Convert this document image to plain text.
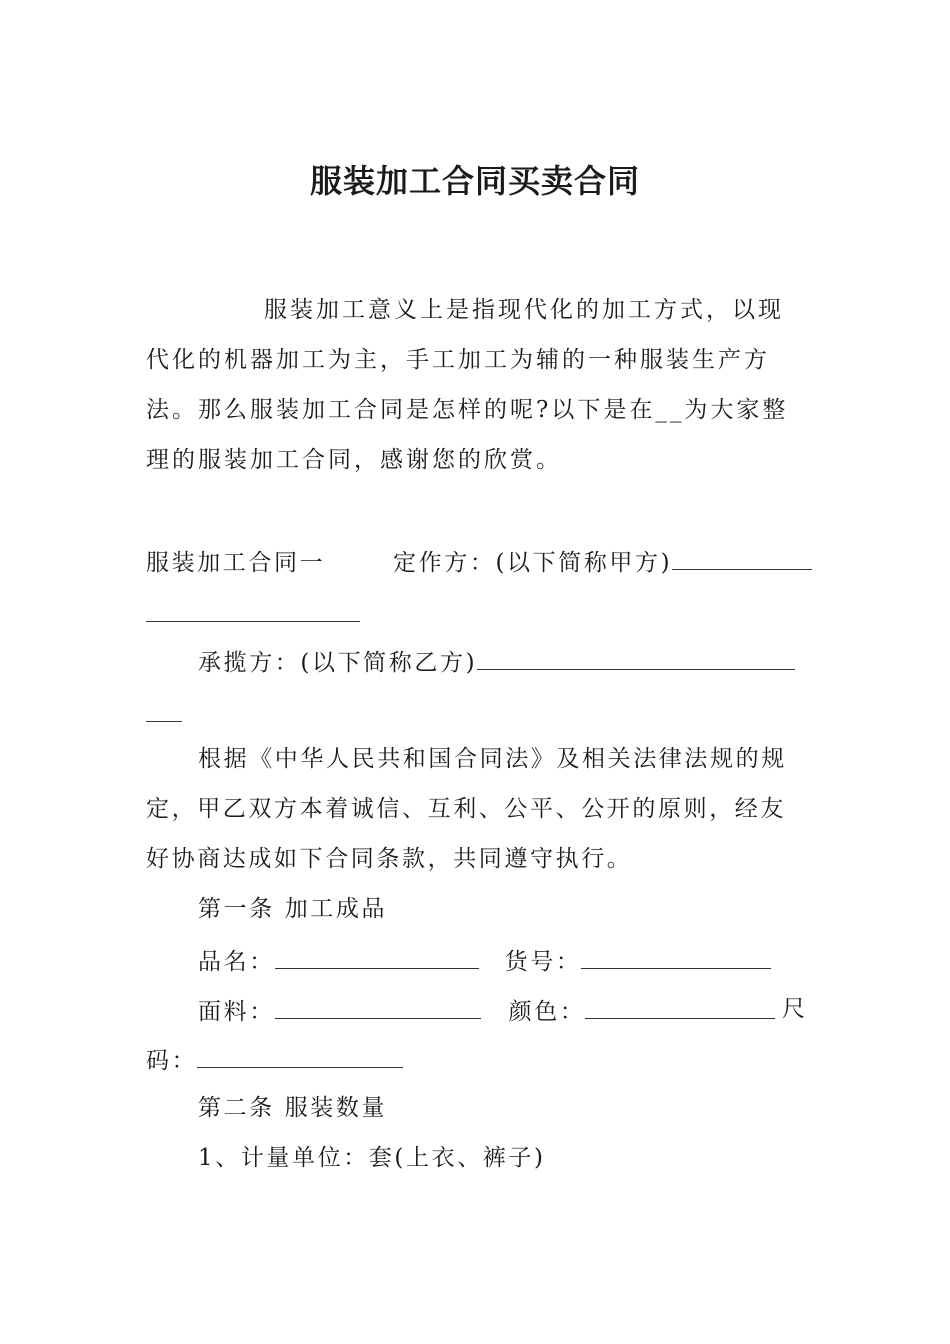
服装加工合同买卖合同

服装加工意义上是指现代化的加工方式，以现代化的机器加工为主，手工加工为辅的一种服装生产方法。那么服装加工合同是怎样的呢?以下是在__为大家整理的服装加工合同，感谢您的欣赏。

服装加工合同一	定作方：(以下简称甲方)
承揽方：(以下简称乙方)

根据《中华人民共和国合同法》及相关法律法规的规定，甲乙双方本着诚信、互利、公平、公开的原则，经友好协商达成如下合同条款，共同遵守执行。

第一条 加工成品
品名：	货号：
面料：	颜色：	尺
码：
第二条 服装数量
1、计量单位：套(上衣、裤子)
